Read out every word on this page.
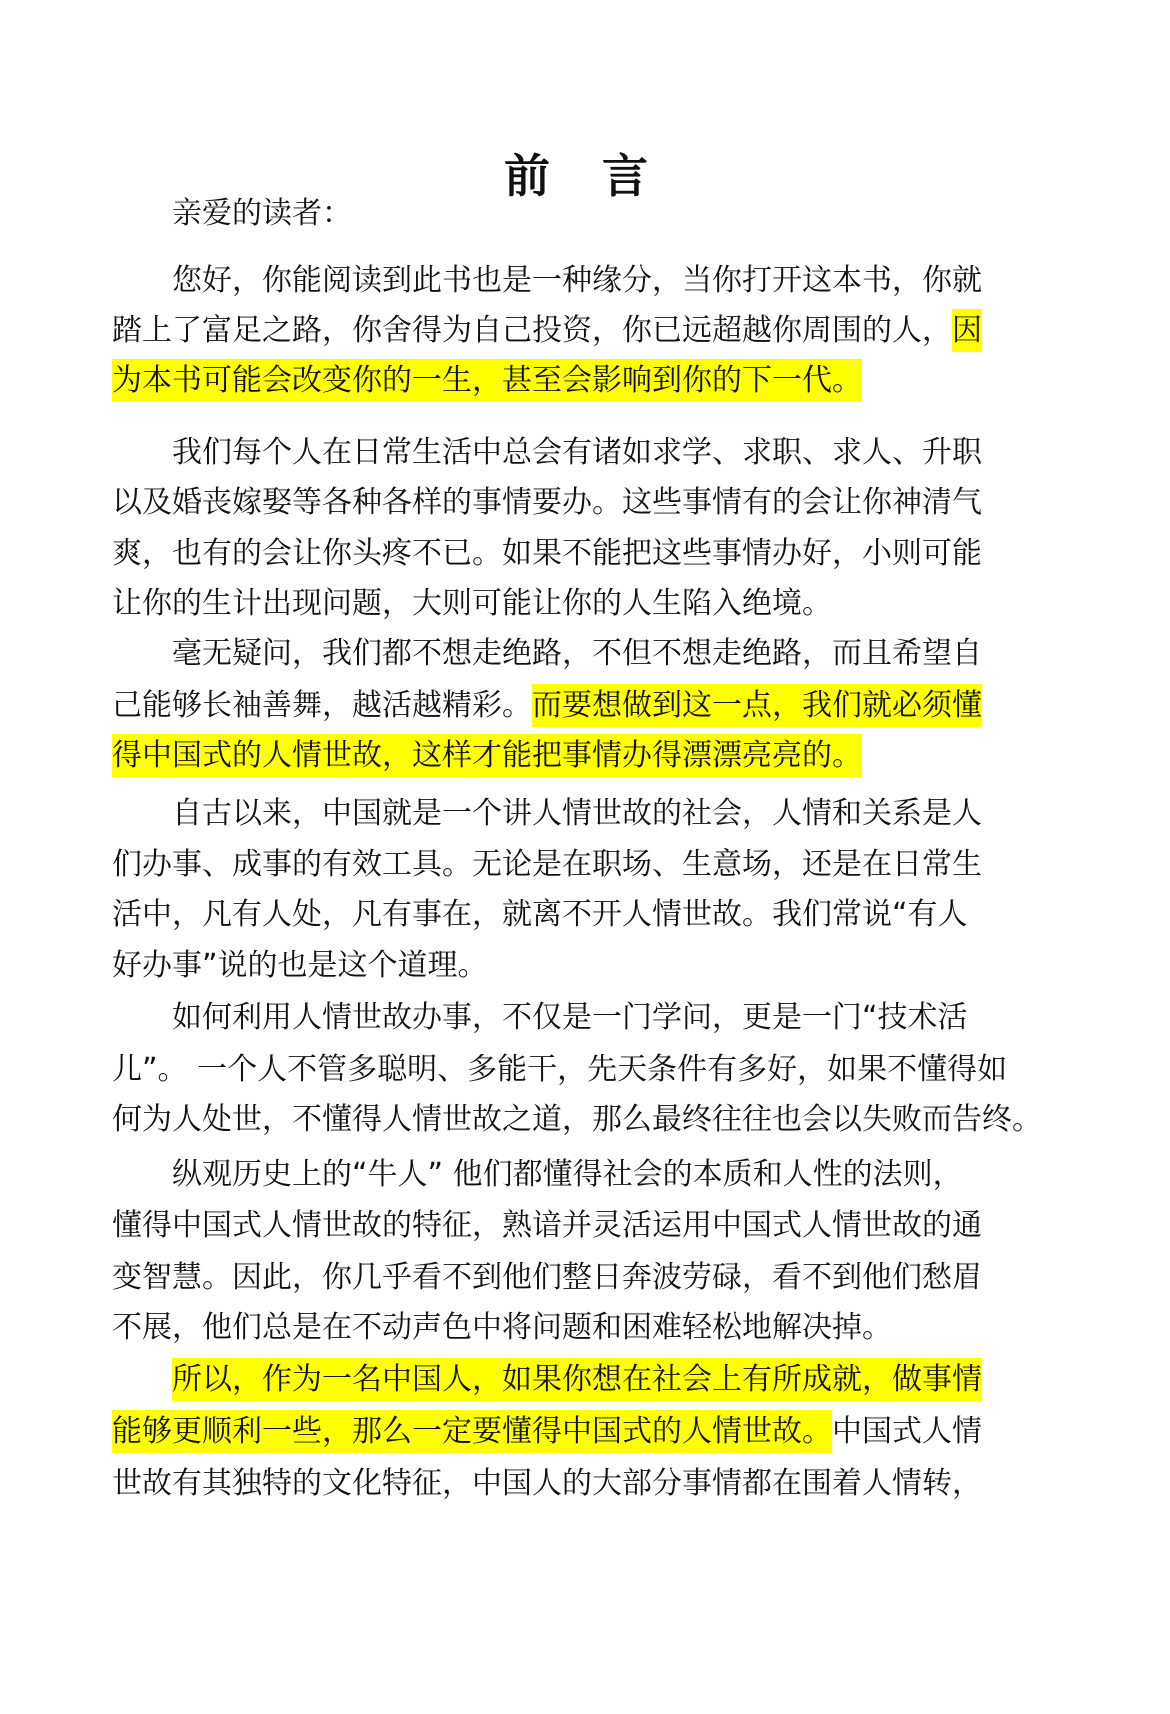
前 言
亲爱的读者：
您好，你能阅读到此书也是一种缘分，当你打开这本书，你就
踏上了富足之路，你舍得为自己投资，你已远超越你周围的人，因
为本书可能会改变你的一生，甚至会影响到你的下一代。
我们每个人在日常生活中总会有诸如求学、求职、求人、升职
以及婚丧嫁娶等各种各样的事情要办。这些事情有的会让你神清气
爽，也有的会让你头疼不已。如果不能把这些事情办好，小则可能
让你的生计出现问题，大则可能让你的人生陷入绝境。
毫无疑问，我们都不想走绝路，不但不想走绝路，而且希望自
己能够长袖善舞，越活越精彩。而要想做到这一点，我们就必须懂
得中国式的人情世故，这样才能把事情办得漂漂亮亮的。
自古以来，中国就是一个讲人情世故的社会，人情和关系是人
们办事、成事的有效工具。无论是在职场、生意场，还是在日常生
活中，凡有人处，凡有事在，就离不开人情世故。我们常说“有人
好办事”说的也是这个道理。
如何利用人情世故办事，不仅是一门学问，更是一门“技术活
儿”。 一个人不管多聪明、多能干，先天条件有多好，如果不懂得如
何为人处世，不懂得人情世故之道，那么最终往往也会以失败而告终。
纵观历史上的“牛人” 他们都懂得社会的本质和人性的法则，
懂得中国式人情世故的特征，熟谙并灵活运用中国式人情世故的通
变智慧。因此，你几乎看不到他们整日奔波劳碌，看不到他们愁眉
不展，他们总是在不动声色中将问题和困难轻松地解决掉。
所以，作为一名中国人，如果你想在社会上有所成就，做事情
能够更顺利一些，那么一定要懂得中国式的人情世故。中国式人情
世故有其独特的文化特征，中国人的大部分事情都在围着人情转，
